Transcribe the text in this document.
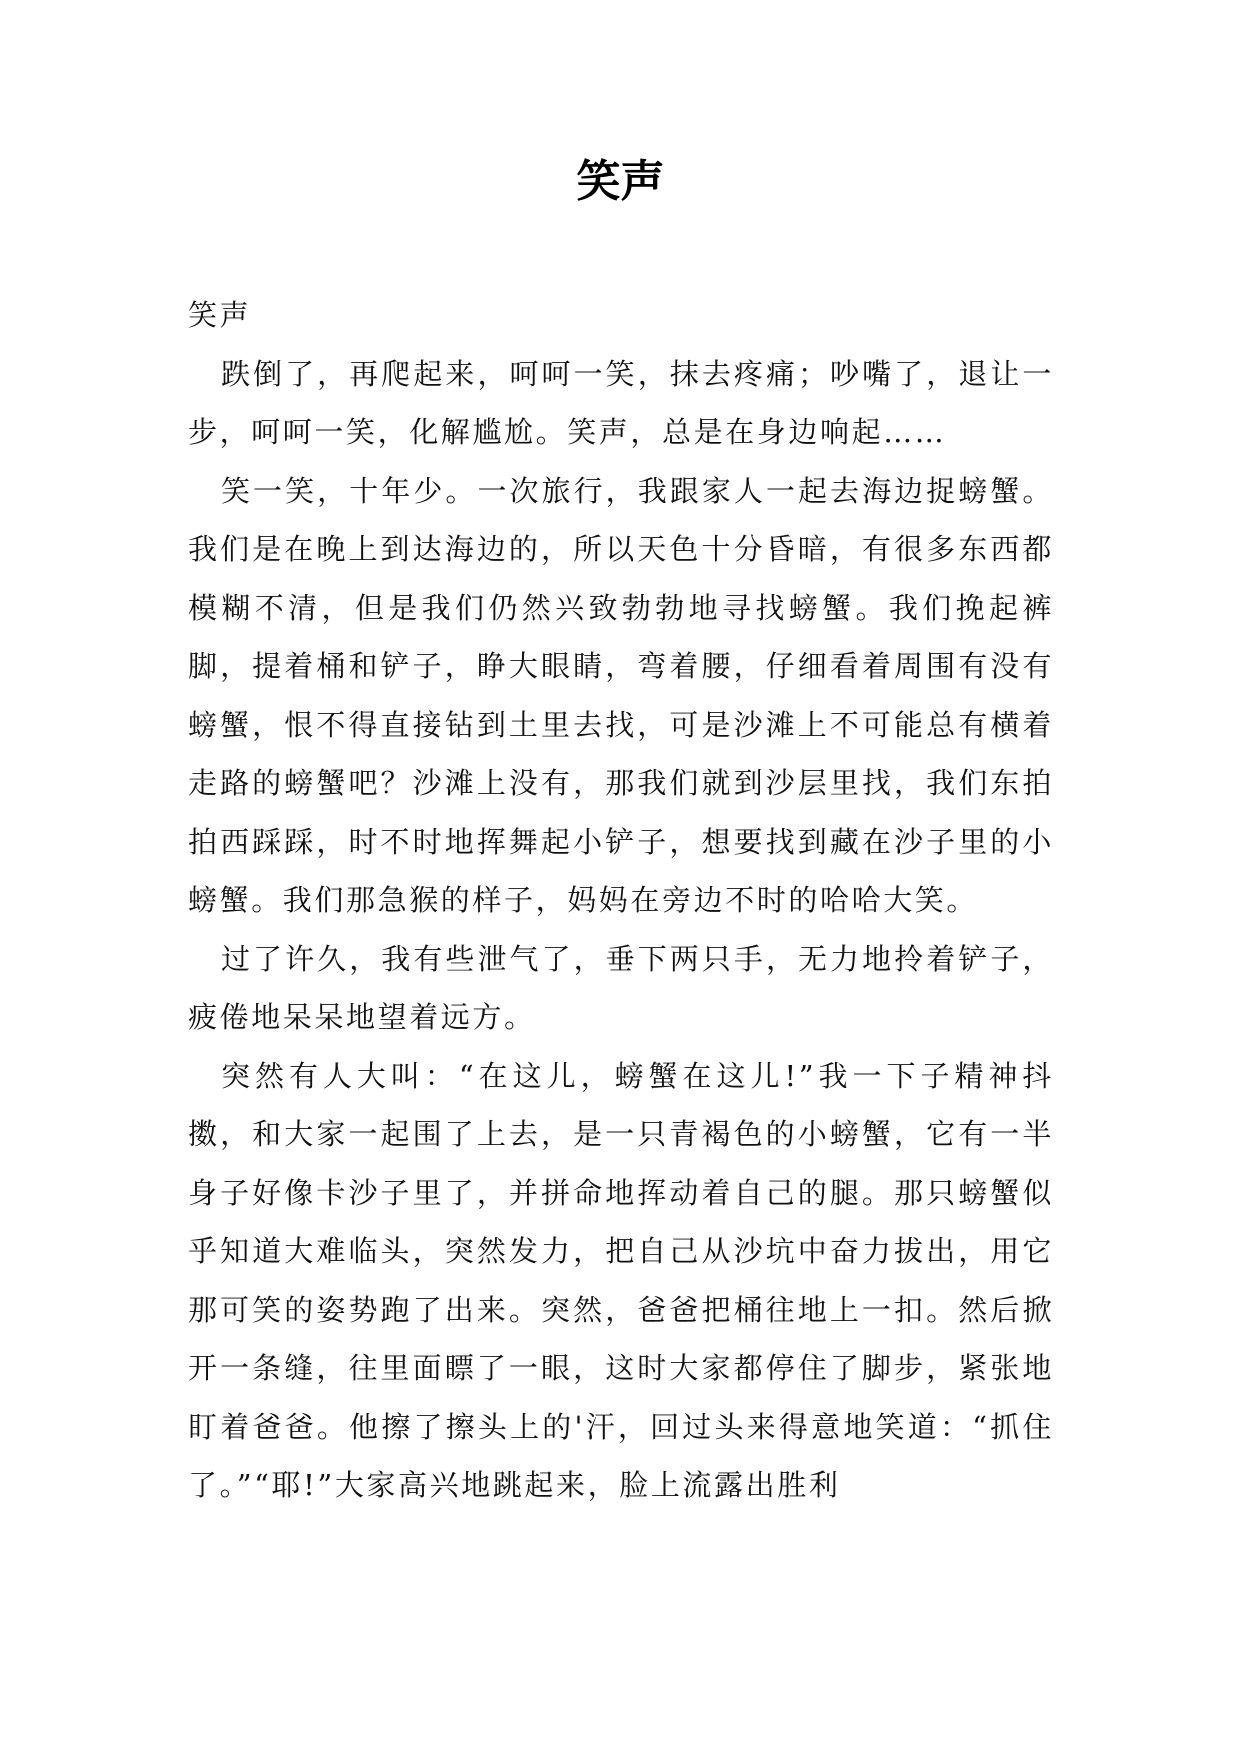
笑声

笑声

跌倒了，再爬起来，呵呵一笑，抹去疼痛；吵嘴了，退让一步，呵呵一笑，化解尴尬。笑声，总是在身边响起……

笑一笑，十年少。一次旅行，我跟家人一起去海边捉螃蟹。我们是在晚上到达海边的，所以天色十分昏暗，有很多东西都模糊不清，但是我们仍然兴致勃勃地寻找螃蟹。我们挽起裤脚，提着桶和铲子，睁大眼睛，弯着腰，仔细看着周围有没有螃蟹，恨不得直接钻到土里去找，可是沙滩上不可能总有横着走路的螃蟹吧？沙滩上没有，那我们就到沙层里找，我们东拍拍西踩踩，时不时地挥舞起小铲子，想要找到藏在沙子里的小螃蟹。我们那急猴的样子，妈妈在旁边不时的哈哈大笑。

过了许久，我有些泄气了，垂下两只手，无力地拎着铲子，疲倦地呆呆地望着远方。

突然有人大叫：“在这儿，螃蟹在这儿!”我一下子精神抖擞，和大家一起围了上去，是一只青褐色的小螃蟹，它有一半身子好像卡沙子里了，并拼命地挥动着自己的腿。那只螃蟹似乎知道大难临头，突然发力，把自己从沙坑中奋力拔出，用它那可笑的姿势跑了出来。突然，爸爸把桶往地上一扣。然后掀开一条缝，往里面瞟了一眼，这时大家都停住了脚步，紧张地盯着爸爸。他擦了擦头上的'汗，回过头来得意地笑道：“抓住了。”“耶!”大家高兴地跳起来，脸上流露出胜利
